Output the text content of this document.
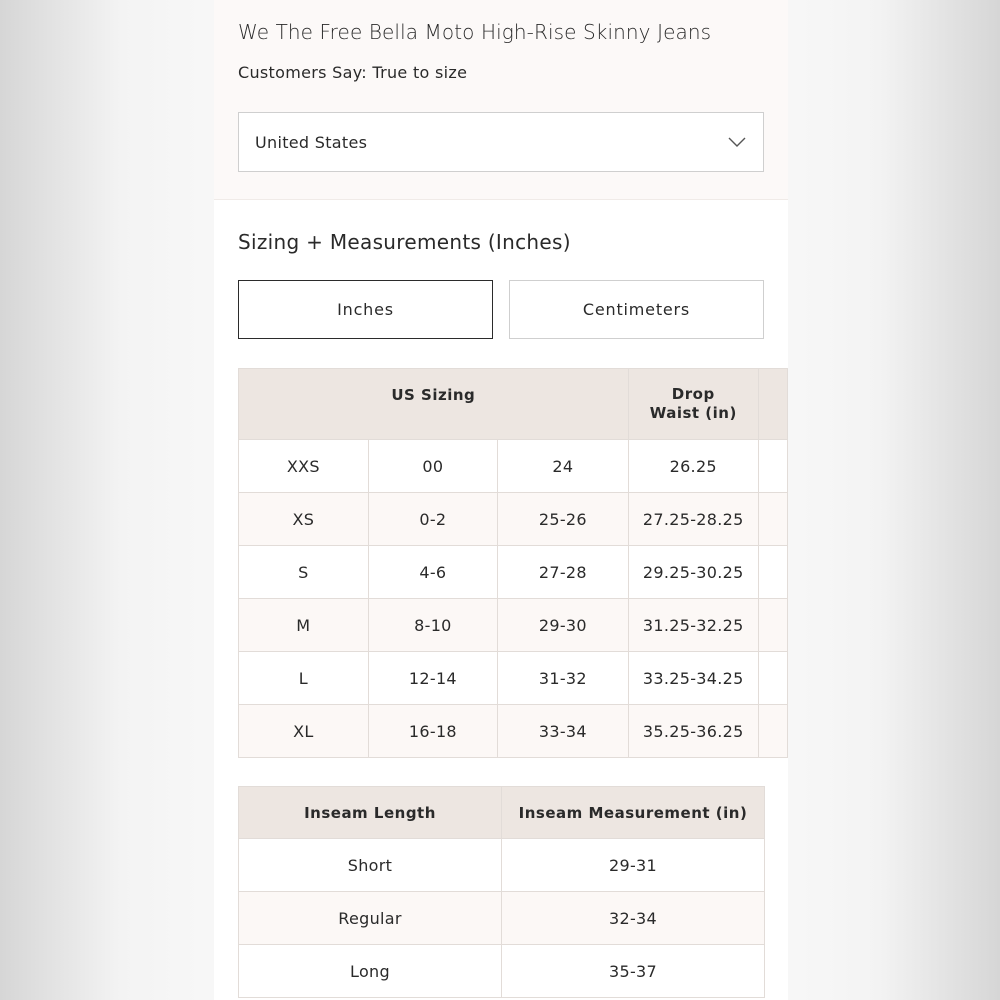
We The Free Bella Moto High-Rise Skinny Jeans
Customers Say: True to size
United States
Sizing + Measurements (Inches)
Inches	Centimeters
US Sizing			Drop
Waist (in)	
XXS	00	24	26.25	
XS	0-2	25-26	27.25-28.25	
S	4-6	27-28	29.25-30.25	
M	8-10	29-30	31.25-32.25	
L	12-14	31-32	33.25-34.25	
XL	16-18	33-34	35.25-36.25	
Inseam Length	Inseam Measurement (in)
Short	29-31
Regular	32-34
Long	35-37
